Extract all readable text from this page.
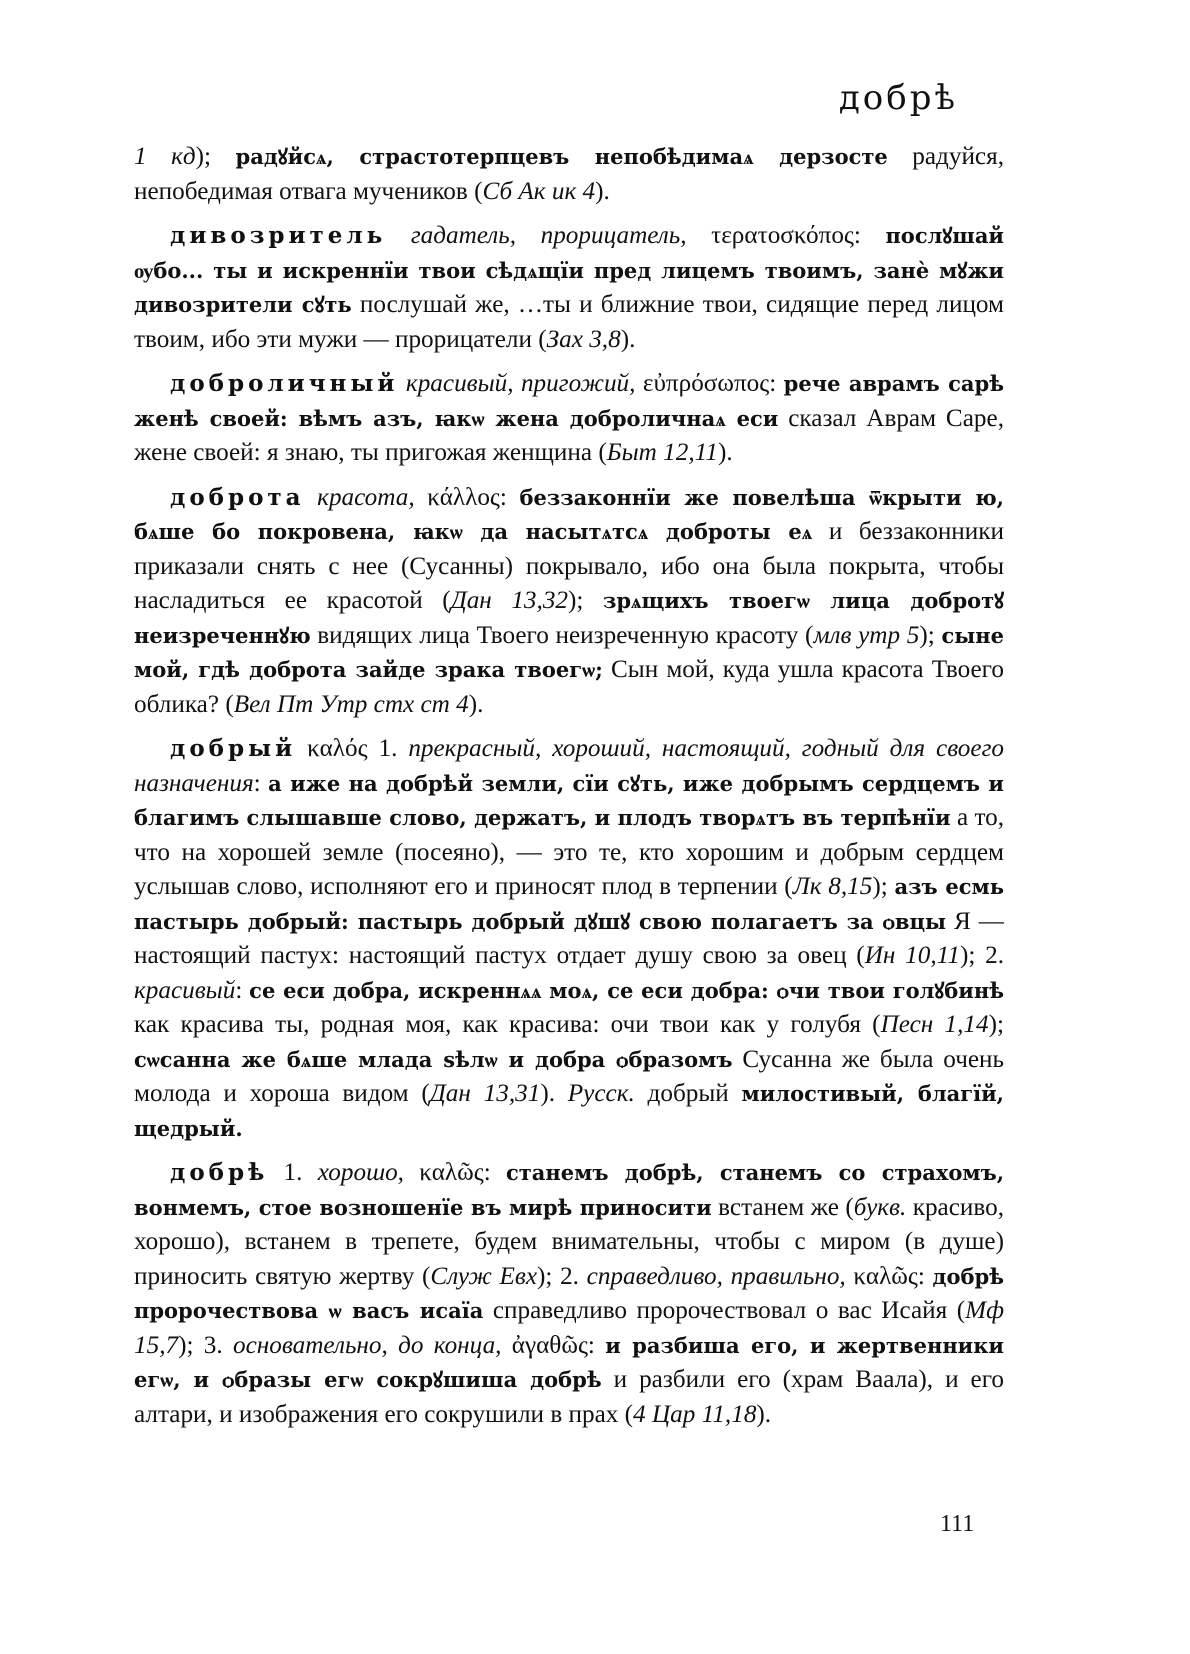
добрѣ

1 кд); радꙋйсѧ, страстотерпцевъ непобѣдимаѧ дерзосте радуйся, непобедимая отвага мучеников (Сб Ак ик 4).

дивозритель гадатель, прорицатель, τερατοσκόπος: послꙋшай ѹбо... ты и искреннїи твои сѣдѧщїи пред лицемъ твоимъ, занѐ мꙋжи дивозрители сꙋть послушай же, …ты и ближние твои, сидящие перед лицом твоим, ибо эти мужи — прорицатели (Зах 3,8).

доброличный красивый, пригожий, εὐπρόσωπος: рече аврамъ сарѣ женѣ своей: вѣмъ азъ, ꙗкѡ жена доброличнаѧ еси сказал Аврам Саре, жене своей: я знаю, ты пригожая женщина (Быт 12,11).

доброта красота, κάλλος: беззаконнїи же повелѣша ѿкрыти ю, бѧше бо покровена, ꙗкѡ да насытѧтсѧ доброты еѧ и беззаконники приказали снять с нее (Сусанны) покрывало, ибо она была покрыта, чтобы насладиться ее красотой (Дан 13,32); зрѧщихъ твоегѡ лица добротꙋ неизреченнꙋю видящих лица Твоего неизреченную красоту (млв утр 5); сыне мой, гдѣ доброта зайде зрака твоегѡ; Сын мой, куда ушла красота Твоего облика? (Вел Пт Утр стх ст 4).

добрый καλός 1. прекрасный, хороший, настоящий, годный для своего назначения: а иже на добрѣй земли, сїи сꙋть, иже добрымъ сердцемъ и благимъ слышавше слово, держатъ, и плодъ творѧтъ въ терпѣнїи а то, что на хорошей земле (посеяно), — это те, кто хорошим и добрым сердцем услышав слово, исполняют его и приносят плод в терпении (Лк 8,15); азъ есмь пастырь добрый: пастырь добрый дꙋшꙋ свою полагаетъ за ѻвцы Я — настоящий пастух: настоящий пастух отдает душу свою за овец (Ин 10,11); 2. красивый: се еси добра, искреннѧѧ моѧ, се еси добра: ѻчи твои голꙋбинѣ как красива ты, родная моя, как красива: очи твои как у голубя (Песн 1,14); сѡсанна же бѧше млада ѕѣлѡ и добра ѻбразомъ Сусанна же была очень молода и хороша видом (Дан 13,31). Русск. добрый милостивый, благїй, щедрый.

добрѣ 1. хорошо, καλῶς: станемъ добрѣ, станемъ со страхомъ, вонмемъ, стое возношенїе въ мирѣ приносити встанем же (букв. красиво, хорошо), встанем в трепете, будем внимательны, чтобы с миром (в душе) приносить святую жертву (Служ Евх); 2. справедливо, правильно, καλῶς: добрѣ пророчествова ѡ васъ исаїа справедливо пророчествовал о вас Исайя (Мф 15,7); 3. основательно, до конца, ἀγαθῶς: и разбиша его, и жертвенники егѡ, и ѻбразы егѡ сокрꙋшиша добрѣ и разбили его (храм Ваала), и его алтари, и изображения его сокрушили в прах (4 Цар 11,18).

111
